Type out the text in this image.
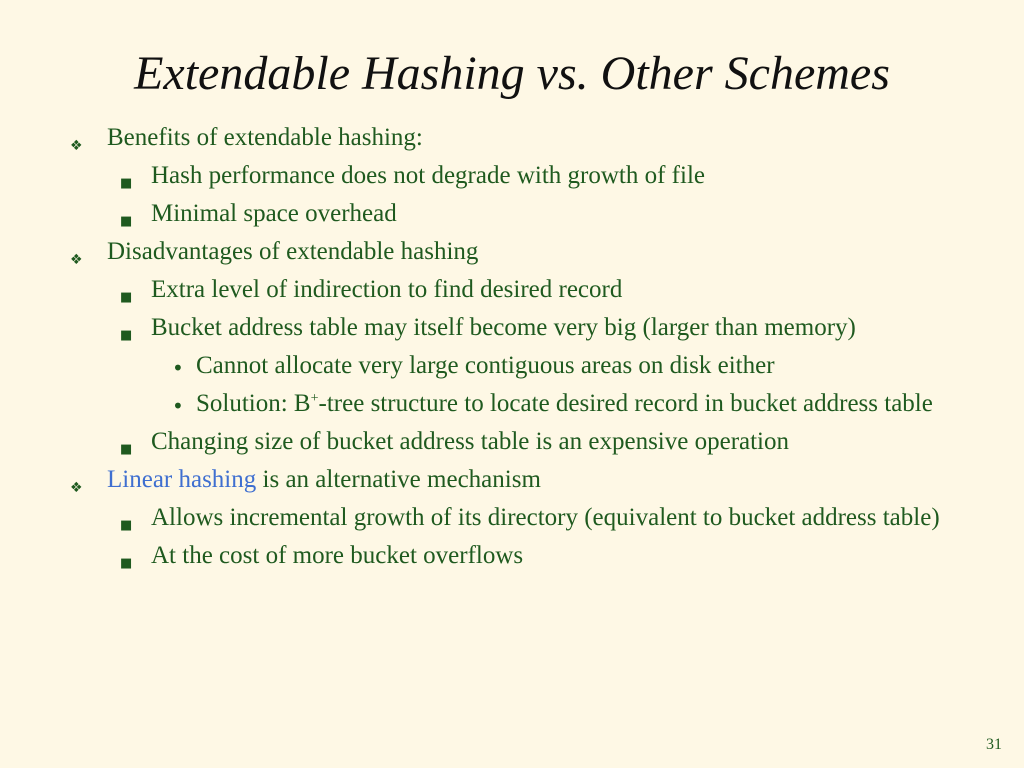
Extendable Hashing vs. Other Schemes
❖ Benefits of extendable hashing:
■ Hash performance does not degrade with growth of file
■ Minimal space overhead
❖ Disadvantages of extendable hashing
■ Extra level of indirection to find desired record
■ Bucket address table may itself become very big (larger than memory)
• Cannot allocate very large contiguous areas on disk either
• Solution: B+-tree structure to locate desired record in bucket address table
■ Changing size of bucket address table is an expensive operation
❖ Linear hashing is an alternative mechanism
■ Allows incremental growth of its directory (equivalent to bucket address table)
■ At the cost of more bucket overflows
31
